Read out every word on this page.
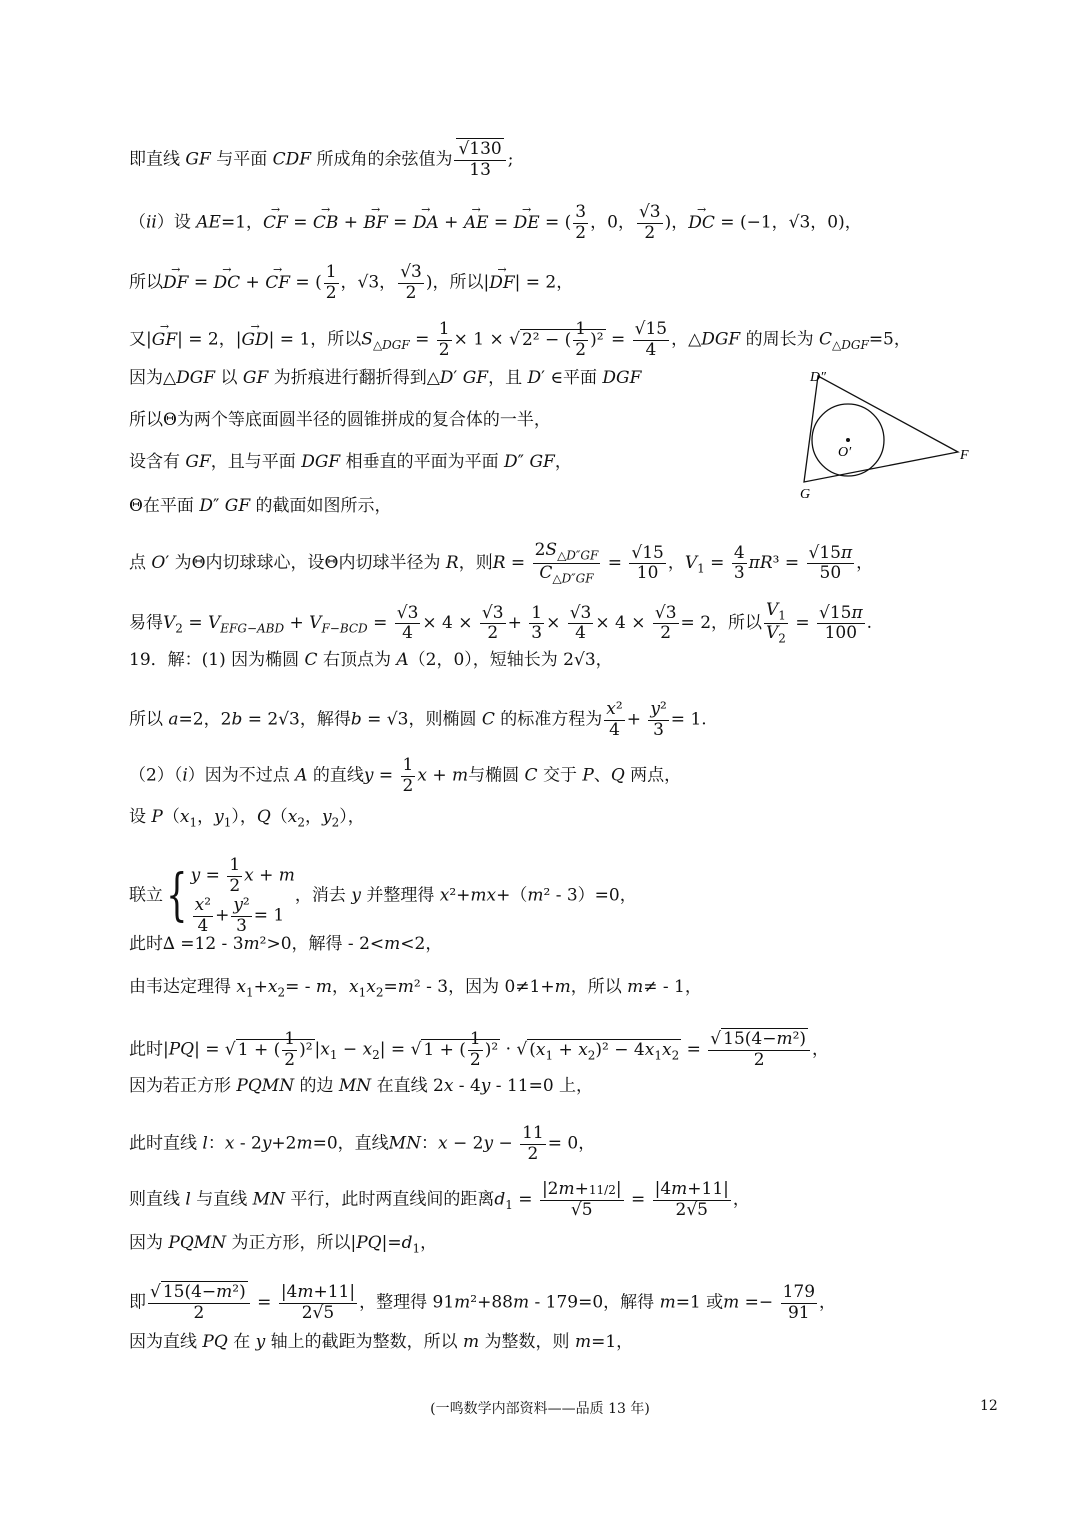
即直线 GF 与平面 CDF 所成角的余弦值为 $\frac{√130}{13}$ ;
（ii）设 AE=1，→ CF = → CB + → BF = → DA + → AE = → DE = ( $\frac{3}{2}$ ，0， $\frac{√3}{2}$ )，→ DC = (−1，√3，0)，
所以→ DF = → DC + → CF = ( $\frac{1}{2}$ ，√3， $\frac{√3}{2}$ )，所以|→ DF| = 2，
又|→ GF| = 2，|→ GD| = 1，所以$S_{\triangle DGF} = \frac{1}{2} \times 1$ × √ 2² − ( $\frac{1}{2} )^2 = \frac{√15}{4}$ ，△DGF 的周长为 $C_{\triangle DGF}=5$，
因为△DGF 以 GF 为折痕进行翻折得到△D′ GF，且 D′ ∈平面 DGF
所以Θ为两个等底面圆半径的圆锥拼成的复合体的一半，
设含有 GF，且与平面 DGF 相垂直的平面为平面 D″ GF，
Θ在平面 D″ GF 的截面如图所示，
点 O′ 为Θ内切球球心，设Θ内切球半径为 R，则$R = \frac{2S_{\triangle D''GF}}{C_{\triangle D''GF}} = \frac{√15}{10}$ ，$V_1 = \frac{4}{3} \pi R^3 = \frac{√15\pi}{50}$ ，
易得$V_2 = V_{EFG-ABD} + V_{F-BCD} = \frac{√3}{4} \times 4 \times \frac{√3}{2} + \frac{1}{3} \times \frac{√3}{4} \times 4 \times \frac{√3}{2} = 2$，所以 $\frac{V_1}{V_2} = \frac{√15\pi}{100}$ .
19．解：(1) 因为椭圆 C 右顶点为 A（2，0），短轴长为 2√3，
所以 a=2，2b = 2√3，解得b = √3，则椭圆 C 的标准方程为 $\frac{\text{x²}}{4} + \frac{\text{y²}}{3} = 1$.
（2）（i）因为不过点 A 的直线$y = \frac{1}{2}$ x + m与椭圆 C 交于 P、Q 两点，
设 $P(x_1$，$y_1$），$Q(x_2$，$y_2$），
联立{ $y = \frac{1}{2}$ x + m
$\frac{\text{x²}}{4} + \frac{\text{y²}}{3} = 1$
，消去 y 并整理得 x²+mx+（m² - 3）=0，
此时∆ =12 - 3m²>0，解得 - 2<m<2，
由韦达定理得 $x_1+x_2= - m$，$x_1x_2=m^2 - 3$，因为 0≠1+m，所以 m≠ - 1，
此时|PQ| = √ 1 + ( $\frac{1}{2} )^2$ $|x_1 - x_2|$ = √ 1 + ( $\frac{1}{2} )^2$ · √ $(x_1 + x_2)^2 - 4x_1x_2 = \frac{\text{√ 15(4−m²)}}{2}$ ，
因为若正方形 PQMN 的边 MN 在直线 2x - 4y - 11=0 上，
此时直线 l：x - 2y+2m=0，直线MN：$x - 2y - \frac{11}{2} = 0$，
则直线 l 与直线 MN 平行，此时两直线间的距离$d_1 = \frac{|2m+11/2|}{√5} = \frac{|4m+11|}{2√5}$ ，
因为 PQMN 为正方形，所以$|PQ|=d_1$，
即 $\frac{\text{√ 15(4−m²)}}{2} = \frac{|4m+11|}{2√5}$ ，整理得 91m²+88m - 179=0，解得 m=1 或$m =- \frac{179}{91}$ ，
因为直线 PQ 在 y 轴上的截距为整数，所以 m 为整数，则 m=1，
D″
F
G
O′
(一鸣数学内部资料——品质 13 年)	12
